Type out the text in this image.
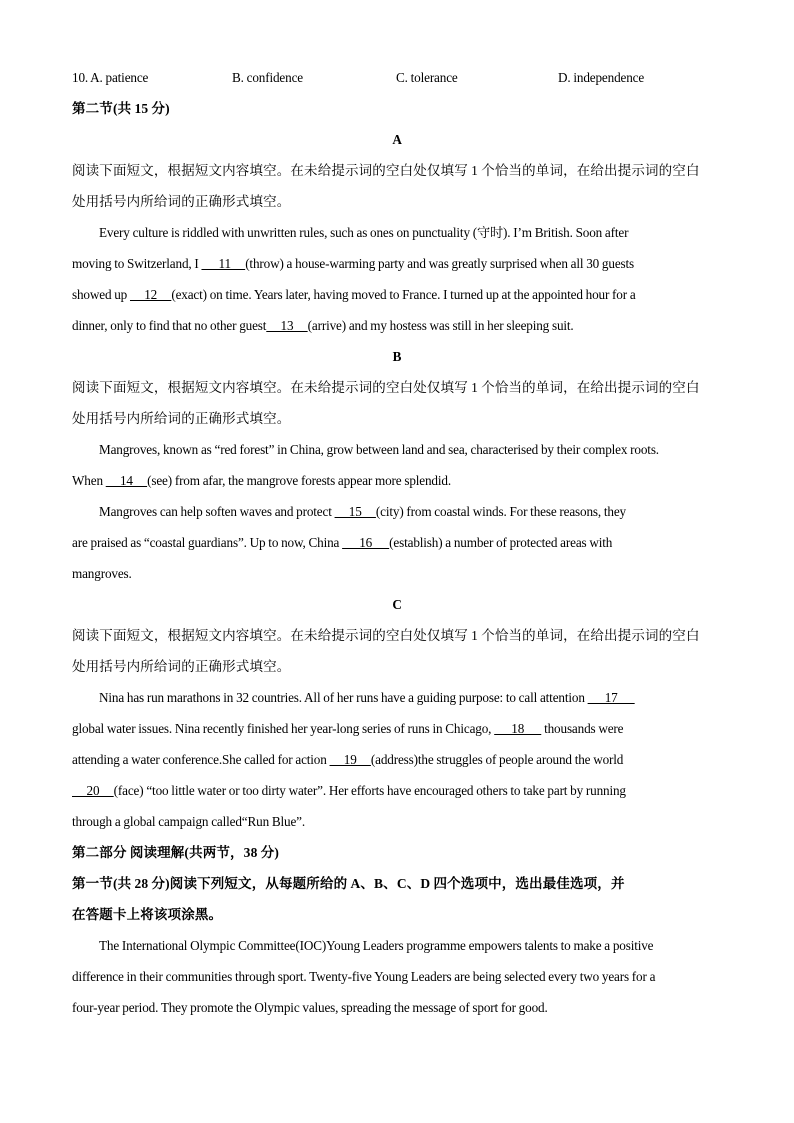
10. A. patience	B. confidence	C. tolerance	D. independence
第二节(共 15 分)
A
阅读下面短文，根据短文内容填空。在未给提示词的空白处仅填写 1 个恰当的单词，在给出提示词的空白
处用括号内所给词的正确形式填空。
Every culture is riddled with unwritten rules, such as ones on punctuality (守时). I’m British. Soon after
moving to Switzerland, I       11     (throw) a house-warming party and was greatly surprised when all 30 guests
showed up      12     (exact) on time. Years later, having moved to France. I turned up at the appointed hour for a
dinner, only to find that no other guest     13     (arrive) and my hostess was still in her sleeping suit.
B
阅读下面短文，根据短文内容填空。在未给提示词的空白处仅填写 1 个恰当的单词，在给出提示词的空白
处用括号内所给词的正确形式填空。
Mangroves, known as “red forest” in China, grow between land and sea, characterised by their complex roots.
When      14     (see) from afar, the mangrove forests appear more splendid.
Mangroves can help soften waves and protect      15     (city) from coastal winds. For these reasons, they
are praised as “coastal guardians”. Up to now, China       16      (establish) a number of protected areas with
mangroves.
C
阅读下面短文，根据短文内容填空。在未给提示词的空白处仅填写 1 个恰当的单词，在给出提示词的空白
处用括号内所给词的正确形式填空。
Nina has run marathons in 32 countries. All of her runs have a guiding purpose: to call attention       17
global water issues. Nina recently finished her year-long series of runs in Chicago,       18       thousands were
attending a water conference.She called for action      19     (address)the struggles of people around the world
20     (face) “too little water or too dirty water”. Her efforts have encouraged others to take part by running
through a global campaign called“Run Blue”.
第二部分 阅读理解(共两节，38 分)
第一节(共 28 分)阅读下列短文，从每题所给的 A、B、C、D 四个选项中，选出最佳选项，并
在答题卡上将该项涂黑。
The International Olympic Committee(IOC)Young Leaders programme empowers talents to make a positive
difference in their communities through sport. Twenty-five Young Leaders are being selected every two years for a
four-year period. They promote the Olympic values, spreading the message of sport for good.
